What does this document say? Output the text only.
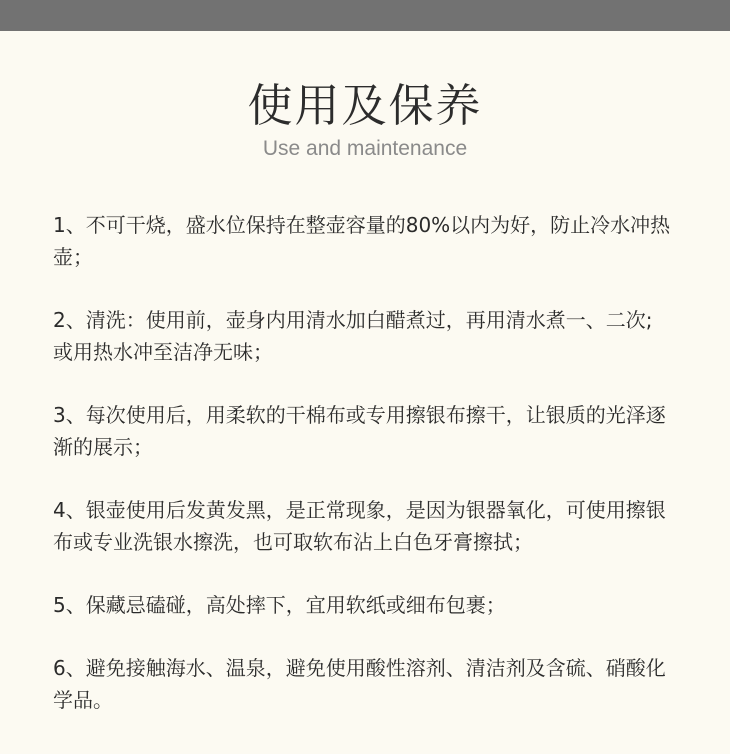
使用及保养
Use and maintenance

1、不可干烧，盛水位保持在整壶容量的80%以内为好，防止冷水冲热壶；

2、清洗：使用前，壶身内用清水加白醋煮过，再用清水煮一、二次; 或用热水冲至洁净无味；

3、每次使用后，用柔软的干棉布或专用擦银布擦干，让银质的光泽逐渐的展示；

4、银壶使用后发黄发黑，是正常现象，是因为银器氧化，可使用擦银布或专业洗银水擦洗，也可取软布沾上白色牙膏擦拭；

5、保藏忌磕碰，高处摔下，宜用软纸或细布包裹；

6、避免接触海水、温泉，避免使用酸性溶剂、清洁剂及含硫、硝酸化学品。
